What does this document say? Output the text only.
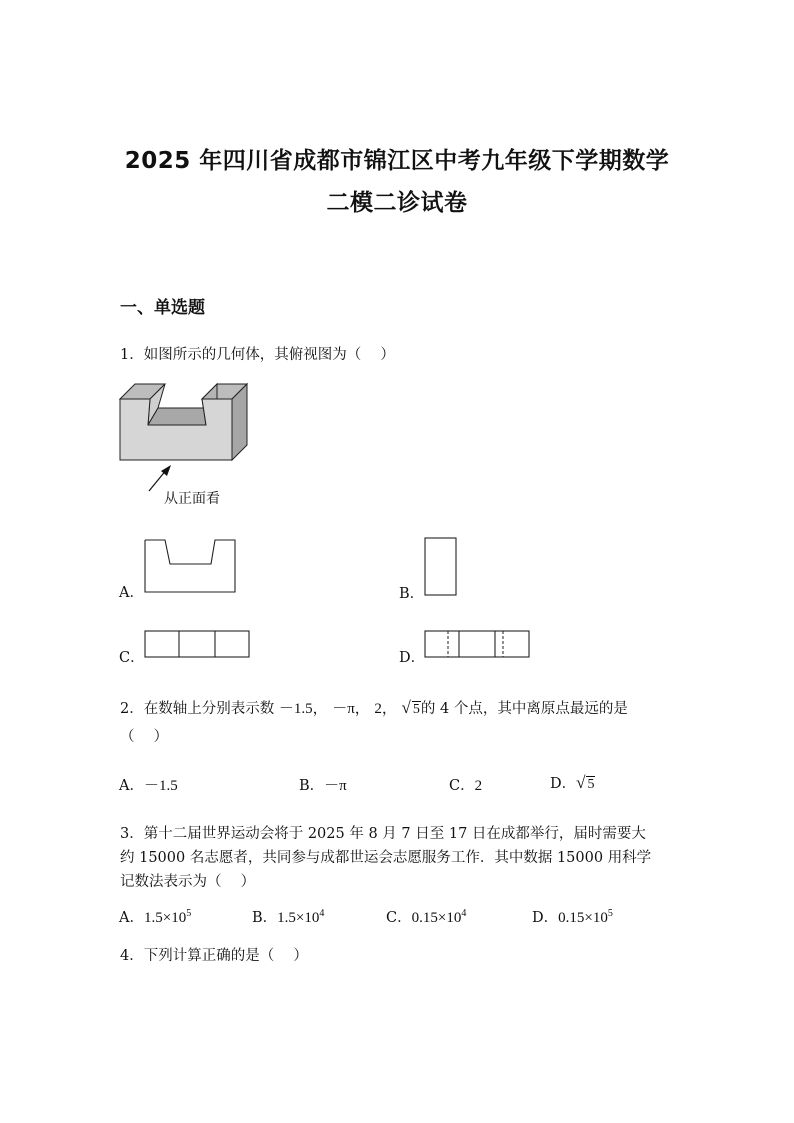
2025 年四川省成都市锦江区中考九年级下学期数学
二模二诊试卷
一、单选题
1．如图所示的几何体，其俯视图为（　 ）
从正面看
A．	B．
C．	D．
2．在数轴上分别表示数 －1.5， －π， 2， √ 5的 4 个点，其中离原点最远的是
（　 ）
A．－1.5	B．－π	C．2	D．√ 5
3．第十二届世界运动会将于 2025 年 8 月 7 日至 17 日在成都举行，届时需要大
约 15000 名志愿者，共同参与成都世运会志愿服务工作．其中数据 15000 用科学
记数法表示为（　 ）
A．$1.5\times 10^5$	B．$1.5\times 10^4$	C．$0.15\times 10^4$	D．$0.15\times 10^5$
4．下列计算正确的是（　 ）
